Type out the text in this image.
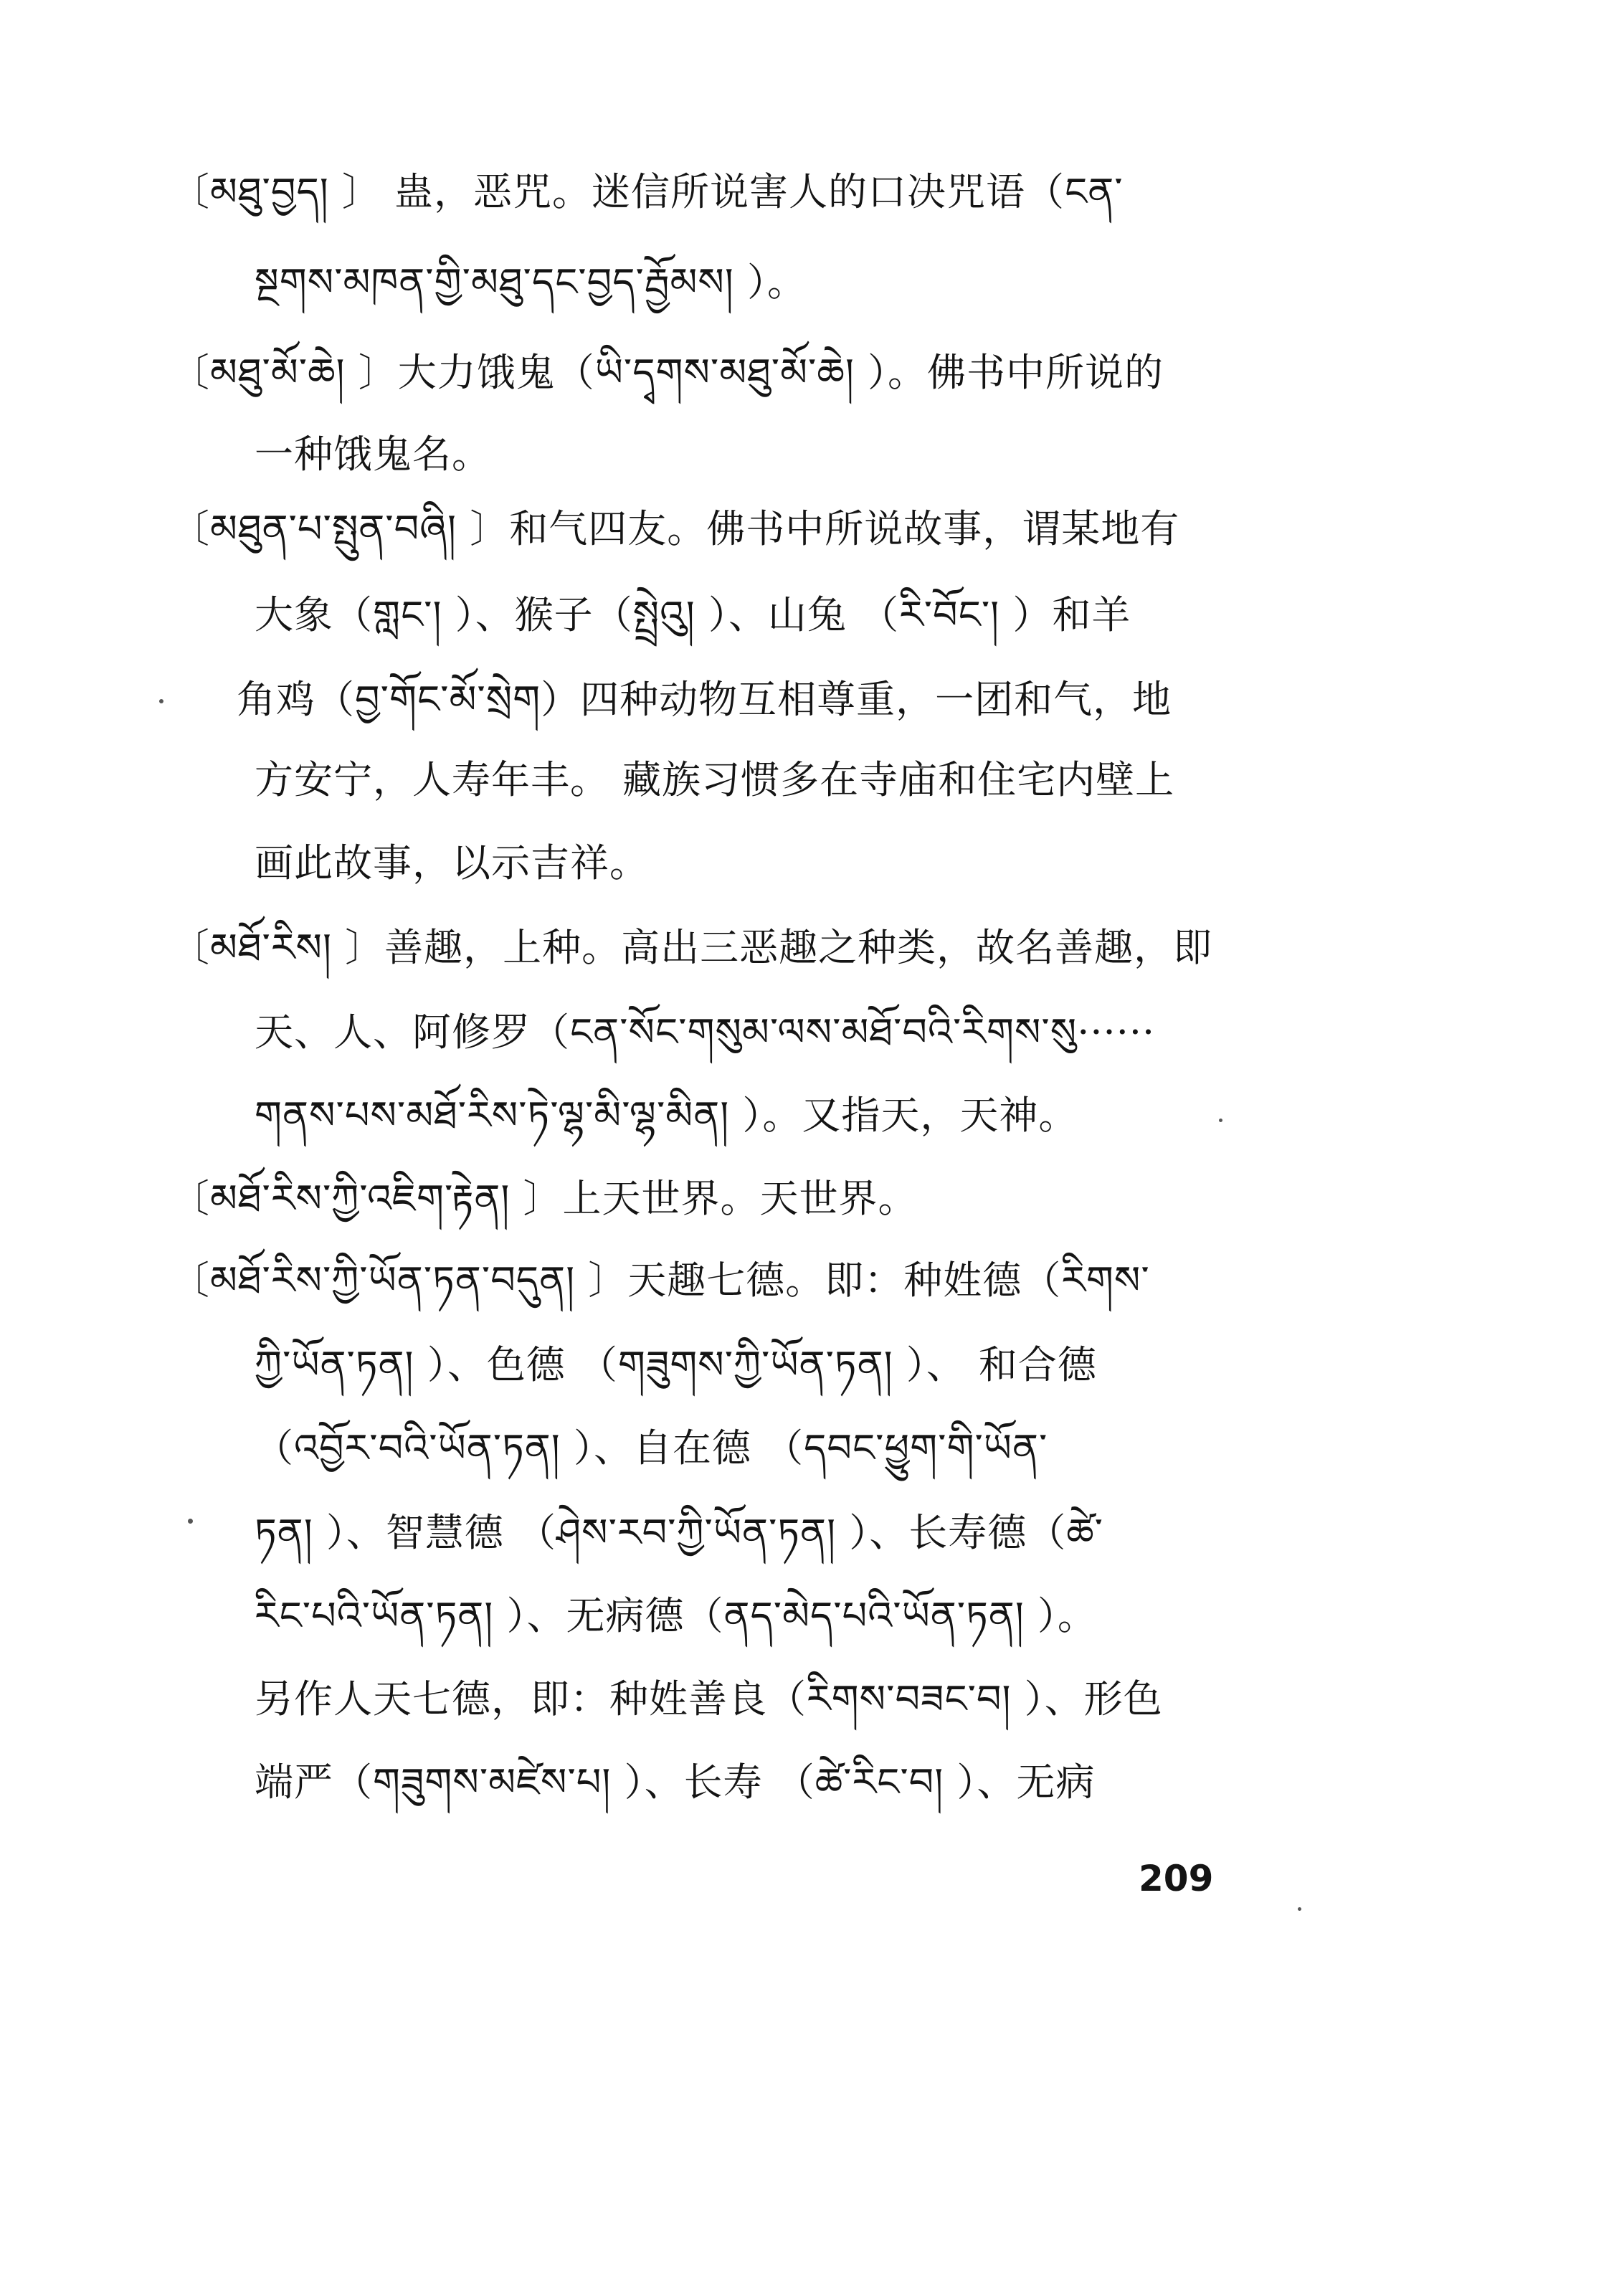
〔མཐུ་བྱད། 〕 蛊，恶咒。迷信所说害人的口决咒语（ངན་
སྔགས་མཁན་གྱི་མཐུ་དང་བྱད་རྦྱོམས། ）。
〔མཐུ་མོ་ཆེ། 〕大力饿鬼（ཡི་དྭགས་མཐུ་མོ་ཆེ། ）。佛书中所说的
一种饿鬼名。
〔མཐུན་པ་སྤུན་བཞི། 〕和气四友。佛书中所说故事，谓某地有
大象（གླང་། ）、猴子（སྤྲེའུ། ）、山兔 （རི་བོང་། ）和羊
角鸡（བྱ་གོང་མོ་སྲེག）四种动物互相尊重，一团和气，地
方安宁，人寿年丰。 藏族习惯多在寺庙和住宅内壁上
画此故事，以示吉祥。
〔མཐོ་རིས། 〕善趣，上种。高出三恶趣之种类，故名善趣，即
天、人、阿修罗（ངན་སོང་གསུམ་ལས་མཐོ་བའི་རིགས་སུ······
གནས་པས་མཐོ་རིས་ཏེ་ལྷ་མི་ལྷ་མིན། ）。又指天，天神。
〔མཐོ་རིས་ཀྱི་འཇིག་རྟེན། 〕上天世界。天世界。
〔མཐོ་རིས་ཀྱི་ཡོན་ཏན་བདུན། 〕天趣七德。即：种姓德（རིགས་
ཀྱི་ཡོན་ཏན། ）、色德 （གཟུགས་ཀྱི་ཡོན་ཏན། ）、 和合德
（འབྱོར་བའི་ཡོན་ཏན། ）、自在德 （དབང་ཕྱུག་གི་ཡོན་
ཏན། ）、智慧德 （ཤེས་རབ་ཀྱི་ཡོན་ཏན། ）、长寿德（ཚེ་
རིང་པའི་ཡོན་ཏན། ）、无病德（ནད་མེད་པའི་ཡོན་ཏན། ）。
另作人天七德，即：种姓善良（རིགས་བཟང་བ། ）、形色
端严（གཟུགས་མཛེས་པ། ）、长寿 （ཚེ་རིང་བ། ）、无病
209
